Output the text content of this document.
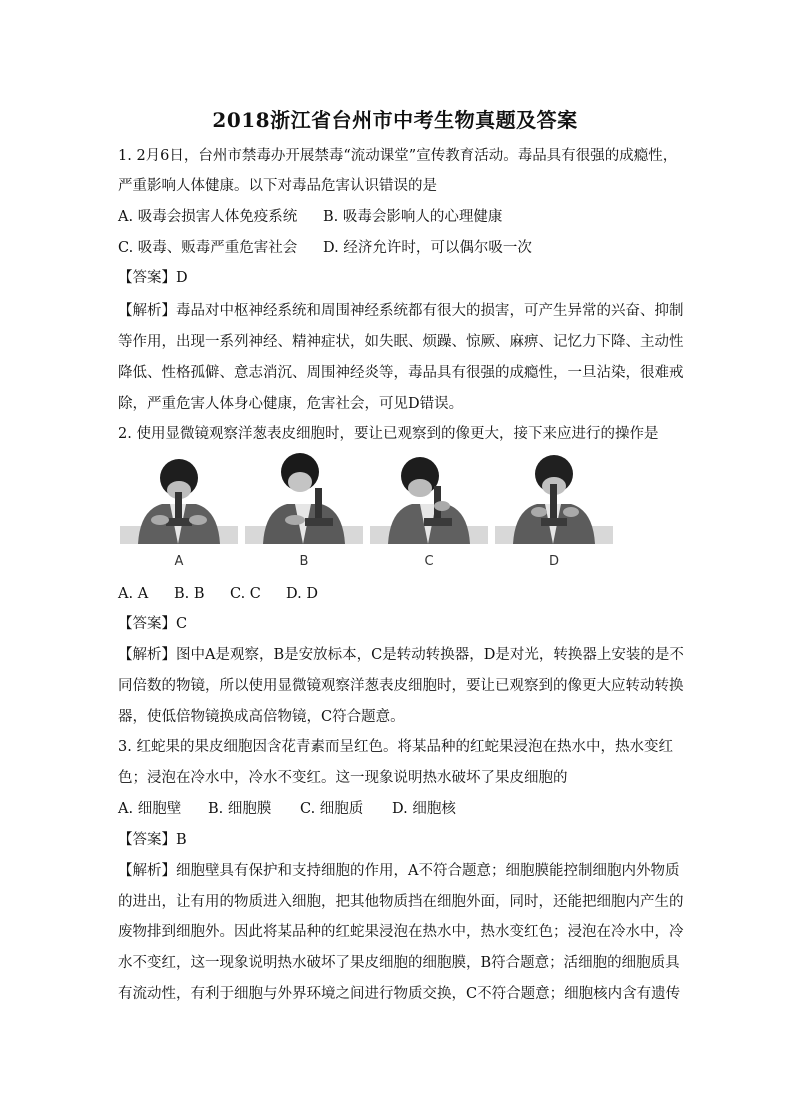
2018浙江省台州市中考生物真题及答案
1. 2月6日，台州市禁毒办开展禁毒“流动课堂”宣传教育活动。毒品具有很强的成瘾性，
严重影响人体健康。以下对毒品危害认识错误的是
A. 吸毒会损害人体免疫系统 B. 吸毒会影响人的心理健康
C. 吸毒、贩毒严重危害社会 D. 经济允许时，可以偶尔吸一次
【答案】D
【解析】毒品对中枢神经系统和周围神经系统都有很大的损害，可产生异常的兴奋、抑制
等作用，出现一系列神经、精神症状，如失眠、烦躁、惊厥、麻痹、记忆力下降、主动性
降低、性格孤僻、意志消沉、周围神经炎等，毒品具有很强的成瘾性，一旦沾染，很难戒
除，严重危害人体身心健康，危害社会，可见D错误。
2. 使用显微镜观察洋葱表皮细胞时，要让已观察到的像更大，接下来应进行的操作是
A	B	C	D
A. A B. B C. C D. D
【答案】C
【解析】图中A是观察，B是安放标本，C是转动转换器，D是对光，转换器上安装的是不
同倍数的物镜，所以使用显微镜观察洋葱表皮细胞时，要让已观察到的像更大应转动转换
器，使低倍物镜换成高倍物镜，C符合题意。
3. 红蛇果的果皮细胞因含花青素而呈红色。将某品种的红蛇果浸泡在热水中，热水变红
色；浸泡在冷水中，冷水不变红。这一现象说明热水破坏了果皮细胞的
A. 细胞壁 B. 细胞膜 C. 细胞质 D. 细胞核
【答案】B
【解析】细胞壁具有保护和支持细胞的作用，A不符合题意；细胞膜能控制细胞内外物质
的进出，让有用的物质进入细胞，把其他物质挡在细胞外面，同时，还能把细胞内产生的
废物排到细胞外。因此将某品种的红蛇果浸泡在热水中，热水变红色；浸泡在冷水中，冷
水不变红，这一现象说明热水破坏了果皮细胞的细胞膜，B符合题意；活细胞的细胞质具
有流动性，有利于细胞与外界环境之间进行物质交换，C不符合题意；细胞核内含有遗传
